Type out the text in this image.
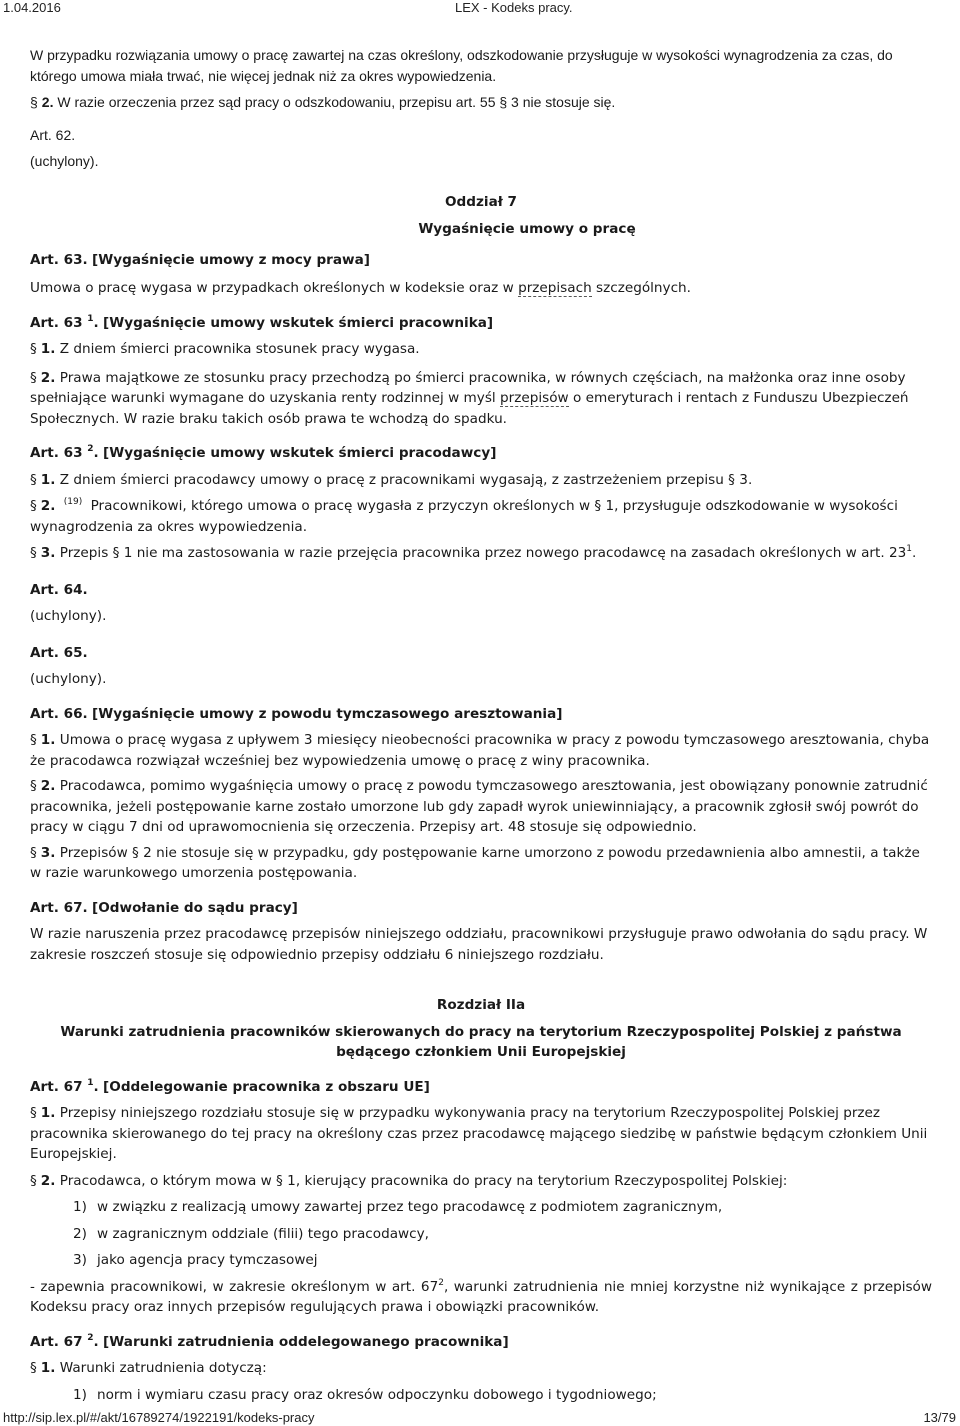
1.04.2016	LEX - Kodeks pracy.

W przypadku rozwiązania umowy o pracę zawartej na czas określony, odszkodowanie przysługuje w wysokości wynagrodzenia za czas, do którego umowa miała trwać, nie więcej jednak niż za okres wypowiedzenia.

§ 2. W razie orzeczenia przez sąd pracy o odszkodowaniu, przepisu art. 55 § 3 nie stosuje się.

Art. 62.

(uchylony).

Oddział 7

Wygaśnięcie umowy o pracę

Art. 63. [Wygaśnięcie umowy z mocy prawa]

Umowa o pracę wygasa w przypadkach określonych w kodeksie oraz w przepisach szczególnych.

Art. 63 $^1$. [Wygaśnięcie umowy wskutek śmierci pracownika]

§ 1. Z dniem śmierci pracownika stosunek pracy wygasa.

§ 2. Prawa majątkowe ze stosunku pracy przechodzą po śmierci pracownika, w równych częściach, na małżonka oraz inne osoby spełniające warunki wymagane do uzyskania renty rodzinnej w myśl przepisów o emeryturach i rentach z Funduszu Ubezpieczeń Społecznych. W razie braku takich osób prawa te wchodzą do spadku.

Art. 63 $^2$. [Wygaśnięcie umowy wskutek śmierci pracodawcy]

§ 1. Z dniem śmierci pracodawcy umowy o pracę z pracownikami wygasają, z zastrzeżeniem przepisu § 3.

§ 2. $^{(19)}$ Pracownikowi, którego umowa o pracę wygasła z przyczyn określonych w § 1, przysługuje odszkodowanie w wysokości wynagrodzenia za okres wypowiedzenia.

§ 3. Przepis § 1 nie ma zastosowania w razie przejęcia pracownika przez nowego pracodawcę na zasadach określonych w art. $23^1$.

Art. 64.

(uchylony).

Art. 65.

(uchylony).

Art. 66. [Wygaśnięcie umowy z powodu tymczasowego aresztowania]

§ 1. Umowa o pracę wygasa z upływem 3 miesięcy nieobecności pracownika w pracy z powodu tymczasowego aresztowania, chyba że pracodawca rozwiązał wcześniej bez wypowiedzenia umowę o pracę z winy pracownika.

§ 2. Pracodawca, pomimo wygaśnięcia umowy o pracę z powodu tymczasowego aresztowania, jest obowiązany ponownie zatrudnić pracownika, jeżeli postępowanie karne zostało umorzone lub gdy zapadł wyrok uniewinniający, a pracownik zgłosił swój powrót do pracy w ciągu 7 dni od uprawomocnienia się orzeczenia. Przepisy art. 48 stosuje się odpowiednio.

§ 3. Przepisów § 2 nie stosuje się w przypadku, gdy postępowanie karne umorzono z powodu przedawnienia albo amnestii, a także w razie warunkowego umorzenia postępowania.

Art. 67. [Odwołanie do sądu pracy]

W razie naruszenia przez pracodawcę przepisów niniejszego oddziału, pracownikowi przysługuje prawo odwołania do sądu pracy. W zakresie roszczeń stosuje się odpowiednio przepisy oddziału 6 niniejszego rozdziału.

Rozdział IIa

Warunki zatrudnienia pracowników skierowanych do pracy na terytorium Rzeczypospolitej Polskiej z państwa będącego członkiem Unii Europejskiej

Art. 67 $^1$. [Oddelegowanie pracownika z obszaru UE]

§ 1. Przepisy niniejszego rozdziału stosuje się w przypadku wykonywania pracy na terytorium Rzeczypospolitej Polskiej przez pracownika skierowanego do tej pracy na określony czas przez pracodawcę mającego siedzibę w państwie będącym członkiem Unii Europejskiej.

§ 2. Pracodawca, o którym mowa w § 1, kierujący pracownika do pracy na terytorium Rzeczypospolitej Polskiej:

1) w związku z realizacją umowy zawartej przez tego pracodawcę z podmiotem zagranicznym,

2) w zagranicznym oddziale (filii) tego pracodawcy,

3) jako agencja pracy tymczasowej

- zapewnia pracownikowi, w zakresie określonym w art. $67^2$, warunki zatrudnienia nie mniej korzystne niż wynikające z przepisów Kodeksu pracy oraz innych przepisów regulujących prawa i obowiązki pracowników.

Art. 67 $^2$. [Warunki zatrudnienia oddelegowanego pracownika]

§ 1. Warunki zatrudnienia dotyczą:

1) norm i wymiaru czasu pracy oraz okresów odpoczynku dobowego i tygodniowego;

http://sip.lex.pl/#/akt/16789274/1922191/kodeks-pracy	13/79
